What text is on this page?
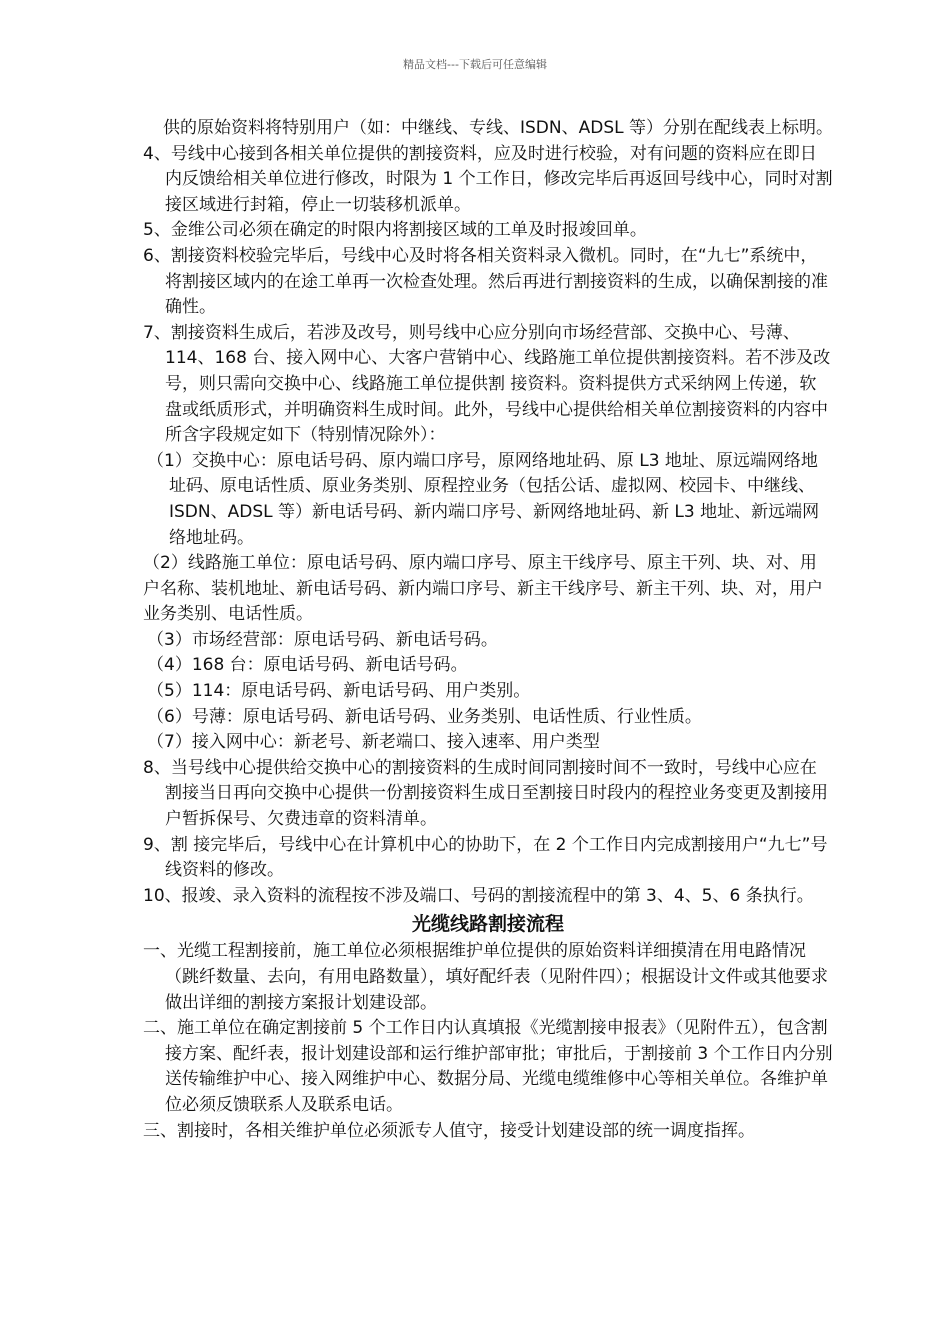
精品文档---下载后可任意编辑

供的原始资料将特别用户（如：中继线、专线、ISDN、ADSL 等）分别在配线表上标明。

4、号线中心接到各相关单位提供的割接资料，应及时进行校验，对有问题的资料应在即日内反馈给相关单位进行修改，时限为 1 个工作日，修改完毕后再返回号线中心，同时对割接区域进行封箱，停止一切装移机派单。

5、金维公司必须在确定的时限内将割接区域的工单及时报竣回单。

6、割接资料校验完毕后，号线中心及时将各相关资料录入微机。同时，在“九七”系统中，将割接区域内的在途工单再一次检查处理。然后再进行割接资料的生成，以确保割接的准确性。

7、割接资料生成后，若涉及改号，则号线中心应分别向市场经营部、交换中心、号薄、114、168 台、接入网中心、大客户营销中心、线路施工单位提供割接资料。若不涉及改号，则只需向交换中心、线路施工单位提供割 接资料。资料提供方式采纳网上传递，软盘或纸质形式，并明确资料生成时间。此外，号线中心提供给相关单位割接资料的内容中所含字段规定如下（特别情况除外）：

（1）交换中心：原电话号码、原内端口序号，原网络地址码、原 L3 地址、原远端网络地址码、原电话性质、原业务类别、原程控业务（包括公话、虚拟网、校园卡、中继线、ISDN、ADSL 等）新电话号码、新内端口序号、新网络地址码、新 L3 地址、新远端网络地址码。

（2）线路施工单位：原电话号码、原内端口序号、原主干线序号、原主干列、块、对、用户名称、装机地址、新电话号码、新内端口序号、新主干线序号、新主干列、块、对，用户业务类别、电话性质。

（3）市场经营部：原电话号码、新电话号码。

（4）168 台：原电话号码、新电话号码。

（5）114：原电话号码、新电话号码、用户类别。

（6）号薄：原电话号码、新电话号码、业务类别、电话性质、行业性质。

（7）接入网中心：新老号、新老端口、接入速率、用户类型

8、当号线中心提供给交换中心的割接资料的生成时间同割接时间不一致时，号线中心应在割接当日再向交换中心提供一份割接资料生成日至割接日时段内的程控业务变更及割接用户暂拆保号、欠费违章的资料清单。

9、割 接完毕后，号线中心在计算机中心的协助下，在 2 个工作日内完成割接用户“九七”号线资料的修改。

10、报竣、录入资料的流程按不涉及端口、号码的割接流程中的第 3、4、5、6 条执行。

光缆线路割接流程

一、光缆工程割接前，施工单位必须根据维护单位提供的原始资料详细摸清在用电路情况（跳纤数量、去向，有用电路数量），填好配纤表（见附件四）；根据设计文件或其他要求做出详细的割接方案报计划建设部。

二、施工单位在确定割接前 5 个工作日内认真填报《光缆割接申报表》（见附件五），包含割接方案、配纤表，报计划建设部和运行维护部审批；审批后，于割接前 3 个工作日内分别送传输维护中心、接入网维护中心、数据分局、光缆电缆维修中心等相关单位。各维护单位必须反馈联系人及联系电话。

三、割接时，各相关维护单位必须派专人值守，接受计划建设部的统一调度指挥。
